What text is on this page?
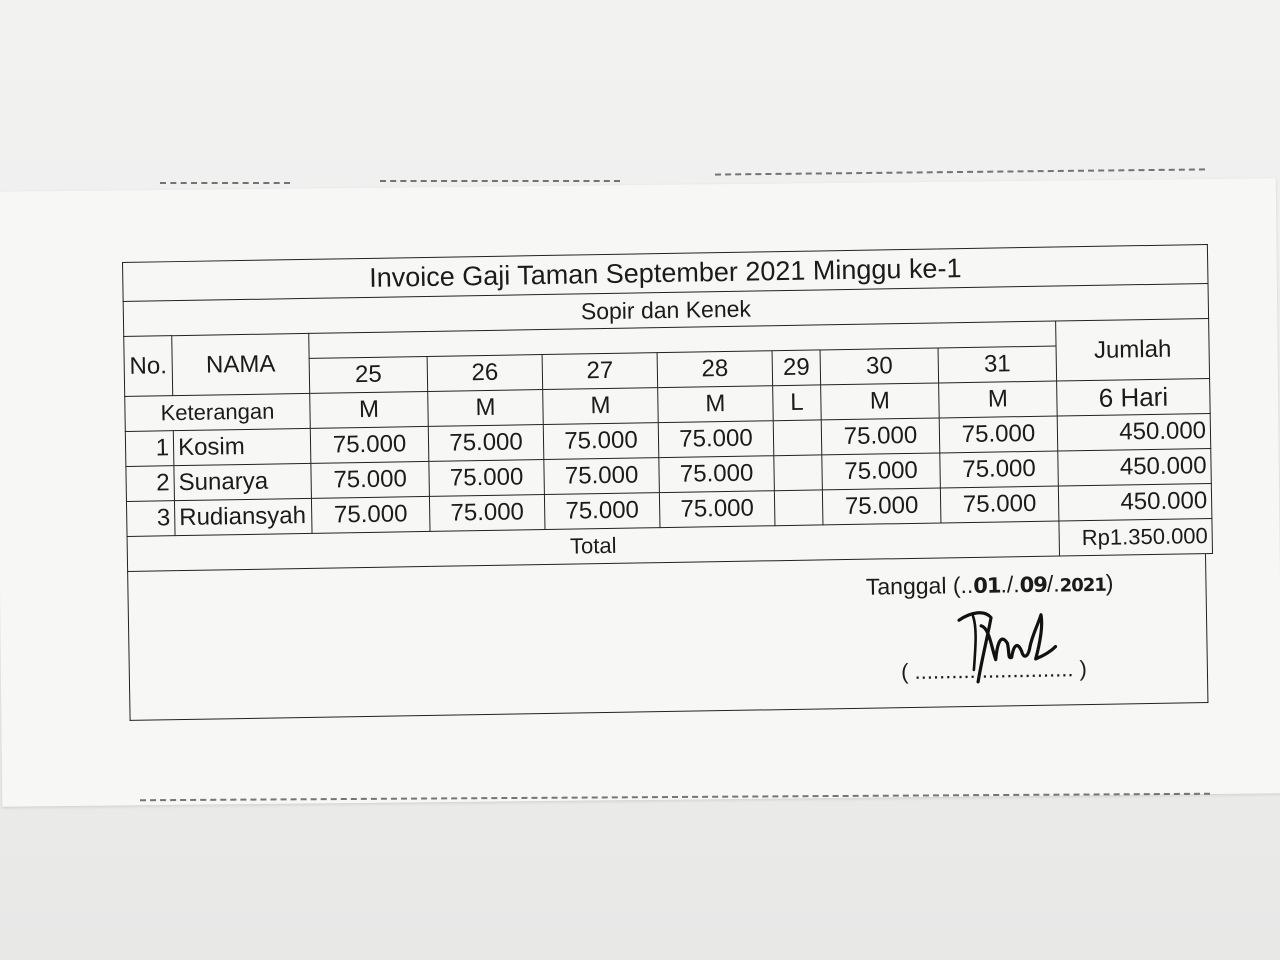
Invoice Gaji Taman September 2021 Minggu ke-1									
Sopir dan Kenek									
No.	NAMA								Jumlah
		25	26	27	28	29	30	31	
Keterangan		M	M	M	M	L	M	M	6 Hari
1	Kosim	75.000	75.000	75.000	75.000		75.000	75.000	450.000
2	Sunarya	75.000	75.000	75.000	75.000		75.000	75.000	450.000
3	Rudiansyah	75.000	75.000	75.000	75.000		75.000	75.000	450.000
Total									Rp1.350.000
Tanggal (..01./.09/.2021)
( .......................... )
